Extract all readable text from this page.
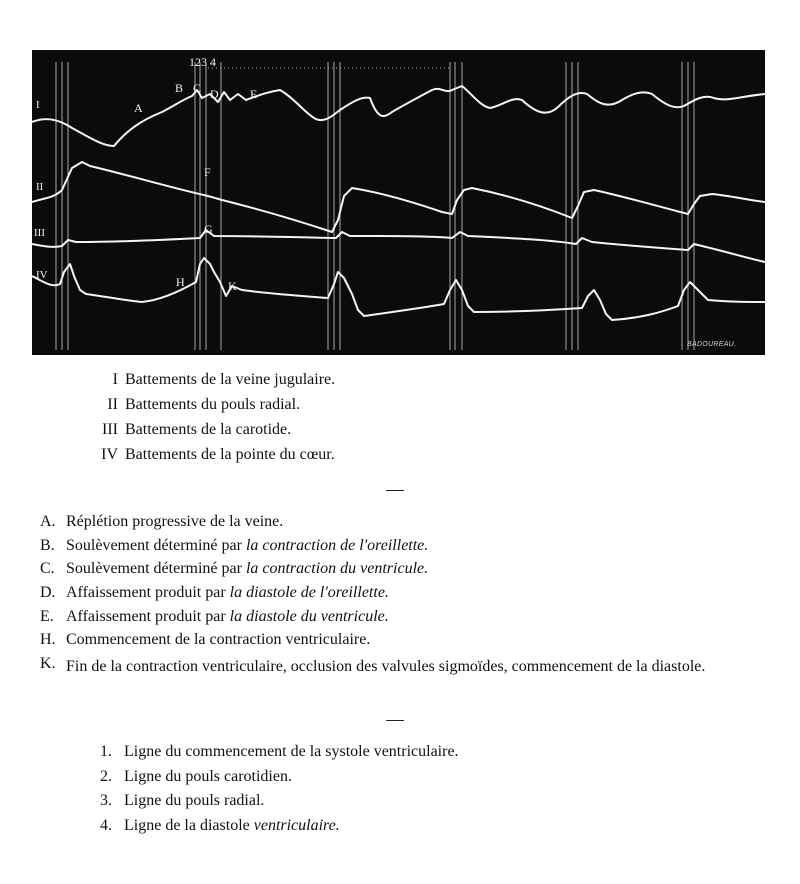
I
II
III
IV
123 4
A
B C D	E
F
G
H	K
BADOUREAU.
I Battements de la veine jugulaire.
II Battements du pouls radial.
III Battements de la carotide.
IV Battements de la pointe du cœur.
A. Réplétion progressive de la veine.
B. Soulèvement déterminé par la contraction de l'oreillette.
C. Soulèvement déterminé par la contraction du ventricule.
D. Affaissement produit par la diastole de l'oreillette.
E. Affaissement produit par la diastole du ventricule.
H. Commencement de la contraction ventriculaire.
K. Fin de la contraction ventriculaire, occlusion des valvules sigmoïdes, commencement de la diastole.
1. Ligne du commencement de la systole ventriculaire.
2. Ligne du pouls carotidien.
3. Ligne du pouls radial.
4. Ligne de la diastole ventriculaire.
